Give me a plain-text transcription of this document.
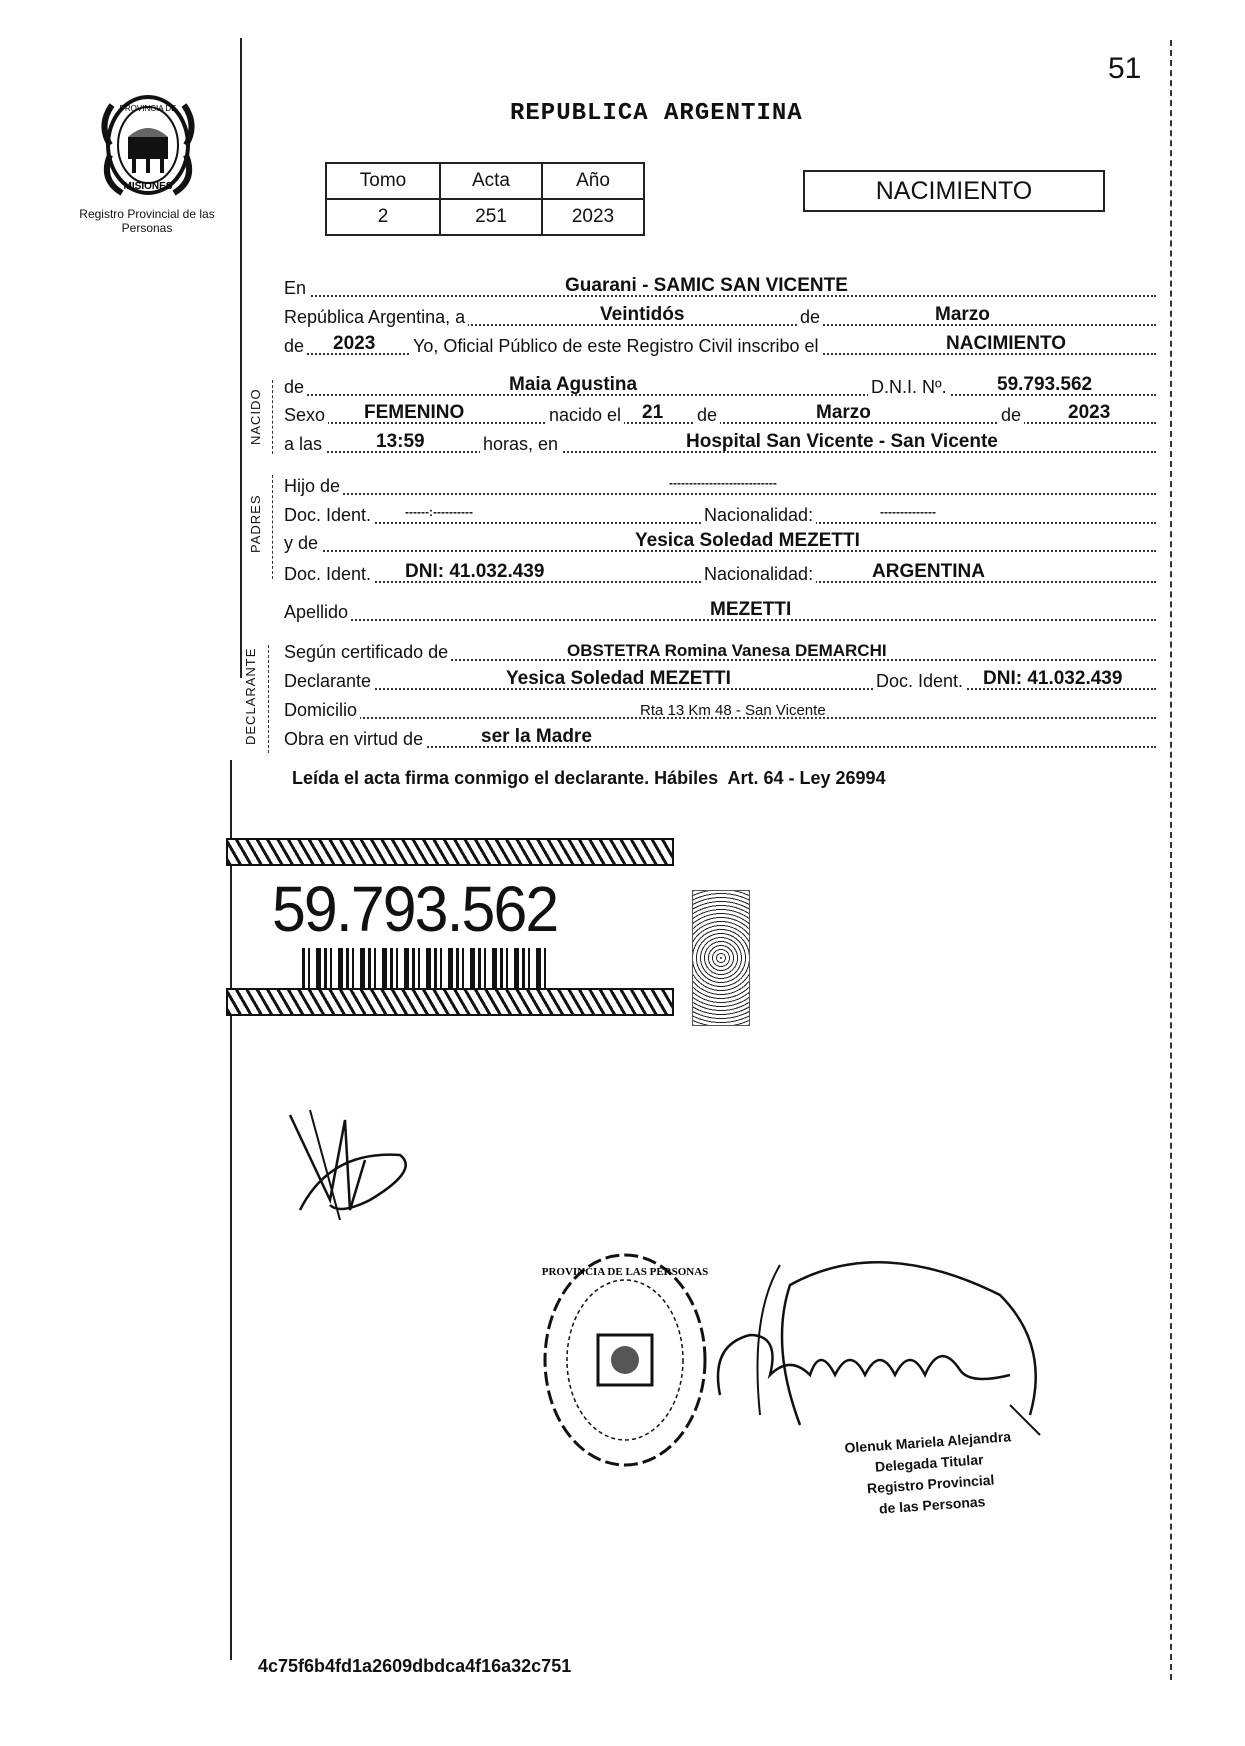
51
PROVINCIA DE
MISIONES
Registro Provincial de las Personas
REPUBLICA ARGENTINA
Tomo	Acta	Año
2	251	2023
NACIMIENTO
NACIDO
PADRES
DECLARANTE
En	Guarani - SAMIC SAN VICENTE
República Argentina, a	Veintidós	de	Marzo
de 2023 Yo, Oficial Público de este Registro Civil inscribo el	NACIMIENTO
de	Maia Agustina	D.N.I. Nº.	59.793.562
Sexo FEMENINO	nacido el 21 de	Marzo	de 2023
a las	13:59	horas, en	Hospital San Vicente - San Vicente
Hijo de	---------------------------
Doc. Ident.	------:----------	Nacionalidad:	--------------
y de	Yesica Soledad MEZETTI
Doc. Ident. DNI: 41.032.439	Nacionalidad:	ARGENTINA
Apellido	MEZETTI
Según certificado de	OBSTETRA Romina Vanesa DEMARCHI
Declarante	Yesica Soledad MEZETTI	Doc. Ident. DNI: 41.032.439
Domicilio	Rta 13 Km 48 - San Vicente
Obra en virtud de	ser la Madre
Leída el acta firma conmigo el declarante. Hábiles  Art. 64 - Ley 26994
59.793.562
PROVINCIA DE LAS PERSONAS
Olenuk Mariela Alejandra
Delegada Titular
Registro Provincial
de las Personas
4c75f6b4fd1a2609dbdca4f16a32c751
